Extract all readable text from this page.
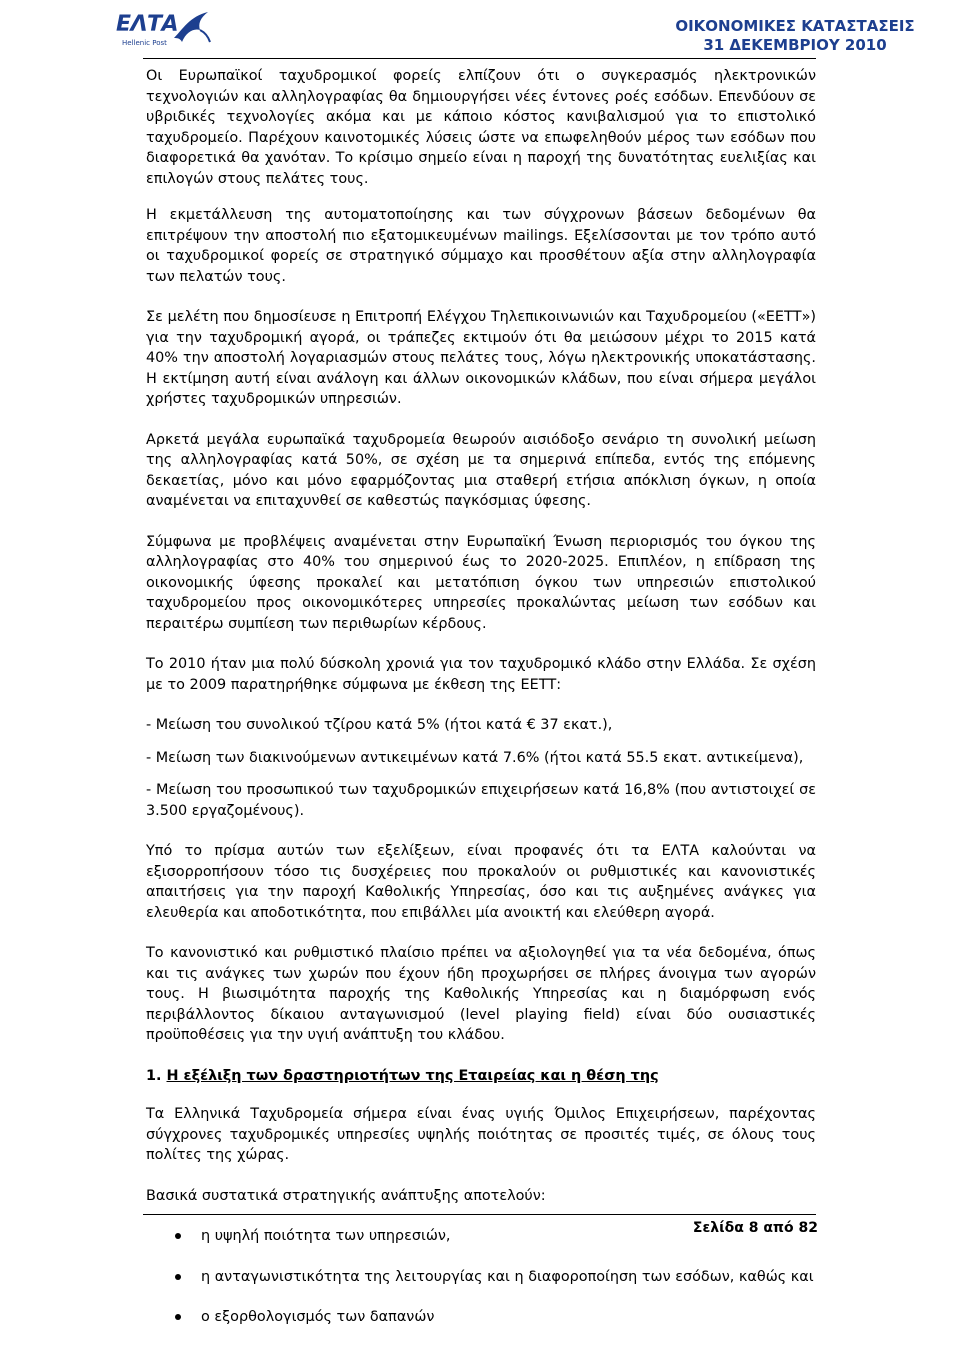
ΕΛΤΑ
Hellenic Post
ΟΙΚΟΝΟΜΙΚΕΣ ΚΑΤΑΣΤΑΣΕΙΣ
31 ΔΕΚΕΜΒΡΙΟΥ 2010

Οι Ευρωπαϊκοί ταχυδρομικοί φορείς ελπίζουν ότι ο συγκερασμός ηλεκτρονικών τεχνολογιών και αλληλογραφίας θα δημιουργήσει νέες έντονες ροές εσόδων. Επενδύουν σε υβριδικές τεχνολογίες ακόμα και με κάποιο κόστος κανιβαλισμού για το επιστολικό ταχυδρομείο. Παρέχουν καινοτομικές λύσεις ώστε να επωφεληθούν μέρος των εσόδων που διαφορετικά θα χανόταν. Το κρίσιμο σημείο είναι η παροχή της δυνατότητας ευελιξίας και επιλογών στους πελάτες τους.

Η εκμετάλλευση της αυτοματοποίησης και των σύγχρονων βάσεων δεδομένων θα επιτρέψουν την αποστολή πιο εξατομικευμένων mailings. Εξελίσσονται με τον τρόπο αυτό οι ταχυδρομικοί φορείς σε στρατηγικό σύμμαχο και προσθέτουν αξία στην αλληλογραφία των πελατών τους.

Σε μελέτη που δημοσίευσε η Επιτροπή Ελέγχου Τηλεπικοινωνιών και Ταχυδρομείου («ΕΕΤΤ») για την ταχυδρομική αγορά, οι τράπεζες εκτιμούν ότι θα μειώσουν μέχρι το 2015 κατά 40% την αποστολή λογαριασμών στους πελάτες τους, λόγω ηλεκτρονικής υποκατάστασης. Η εκτίμηση αυτή είναι ανάλογη και άλλων οικονομικών κλάδων, που είναι σήμερα μεγάλοι χρήστες ταχυδρομικών υπηρεσιών.

Αρκετά μεγάλα ευρωπαϊκά ταχυδρομεία θεωρούν αισιόδοξο σενάριο τη συνολική μείωση της αλληλογραφίας κατά 50%, σε σχέση με τα σημερινά επίπεδα, εντός της επόμενης δεκαετίας, μόνο και μόνο εφαρμόζοντας μια σταθερή ετήσια απόκλιση όγκων, η οποία αναμένεται να επιταχυνθεί σε καθεστώς παγκόσμιας ύφεσης.

Σύμφωνα με προβλέψεις αναμένεται στην Ευρωπαϊκή Ένωση περιορισμός του όγκου της αλληλογραφίας στο 40% του σημερινού έως το 2020-2025. Επιπλέον, η επίδραση της οικονομικής ύφεσης προκαλεί και μετατόπιση όγκου των υπηρεσιών επιστολικού ταχυδρομείου προς οικονομικότερες υπηρεσίες προκαλώντας μείωση των εσόδων και περαιτέρω συμπίεση των περιθωρίων κέρδους.

Το 2010 ήταν μια πολύ δύσκολη χρονιά για τον ταχυδρομικό κλάδο στην Ελλάδα. Σε σχέση με το 2009 παρατηρήθηκε σύμφωνα με έκθεση της ΕΕΤΤ:

- Μείωση του συνολικού τζίρου κατά 5% (ήτοι κατά € 37 εκατ.),

- Μείωση των διακινούμενων αντικειμένων κατά 7.6% (ήτοι κατά 55.5 εκατ. αντικείμενα),

- Μείωση του προσωπικού των ταχυδρομικών επιχειρήσεων κατά 16,8% (που αντιστοιχεί σε 3.500 εργαζομένους).

Υπό το πρίσμα αυτών των εξελίξεων, είναι προφανές ότι τα ΕΛΤΑ καλούνται να εξισορροπήσουν τόσο τις δυσχέρειες που προκαλούν οι ρυθμιστικές και κανονιστικές απαιτήσεις για την παροχή Καθολικής Υπηρεσίας, όσο και τις αυξημένες ανάγκες για ελευθερία και αποδοτικότητα, που επιβάλλει μία ανοικτή και ελεύθερη αγορά.

Το κανονιστικό και ρυθμιστικό πλαίσιο πρέπει να αξιολογηθεί για τα νέα δεδομένα, όπως και τις ανάγκες των χωρών που έχουν ήδη προχωρήσει σε πλήρες άνοιγμα των αγορών τους. Η βιωσιμότητα παροχής της Καθολικής Υπηρεσίας και η διαμόρφωση ενός περιβάλλοντος δίκαιου ανταγωνισμού (level playing field) είναι δύο ουσιαστικές προϋποθέσεις για την υγιή ανάπτυξη του κλάδου.

1. Η εξέλιξη των δραστηριοτήτων της Εταιρείας και η θέση της

Τα Ελληνικά Ταχυδρομεία σήμερα είναι ένας υγιής Όμιλος Επιχειρήσεων, παρέχοντας σύγχρονες ταχυδρομικές υπηρεσίες υψηλής ποιότητας σε προσιτές τιμές, σε όλους τους πολίτες της χώρας.

Βασικά συστατικά στρατηγικής ανάπτυξης αποτελούν:

η υψηλή ποιότητα των υπηρεσιών,
η ανταγωνιστικότητα της λειτουργίας και η διαφοροποίηση των εσόδων, καθώς και
ο εξορθολογισμός των δαπανών
Σελίδα 8 από 82
